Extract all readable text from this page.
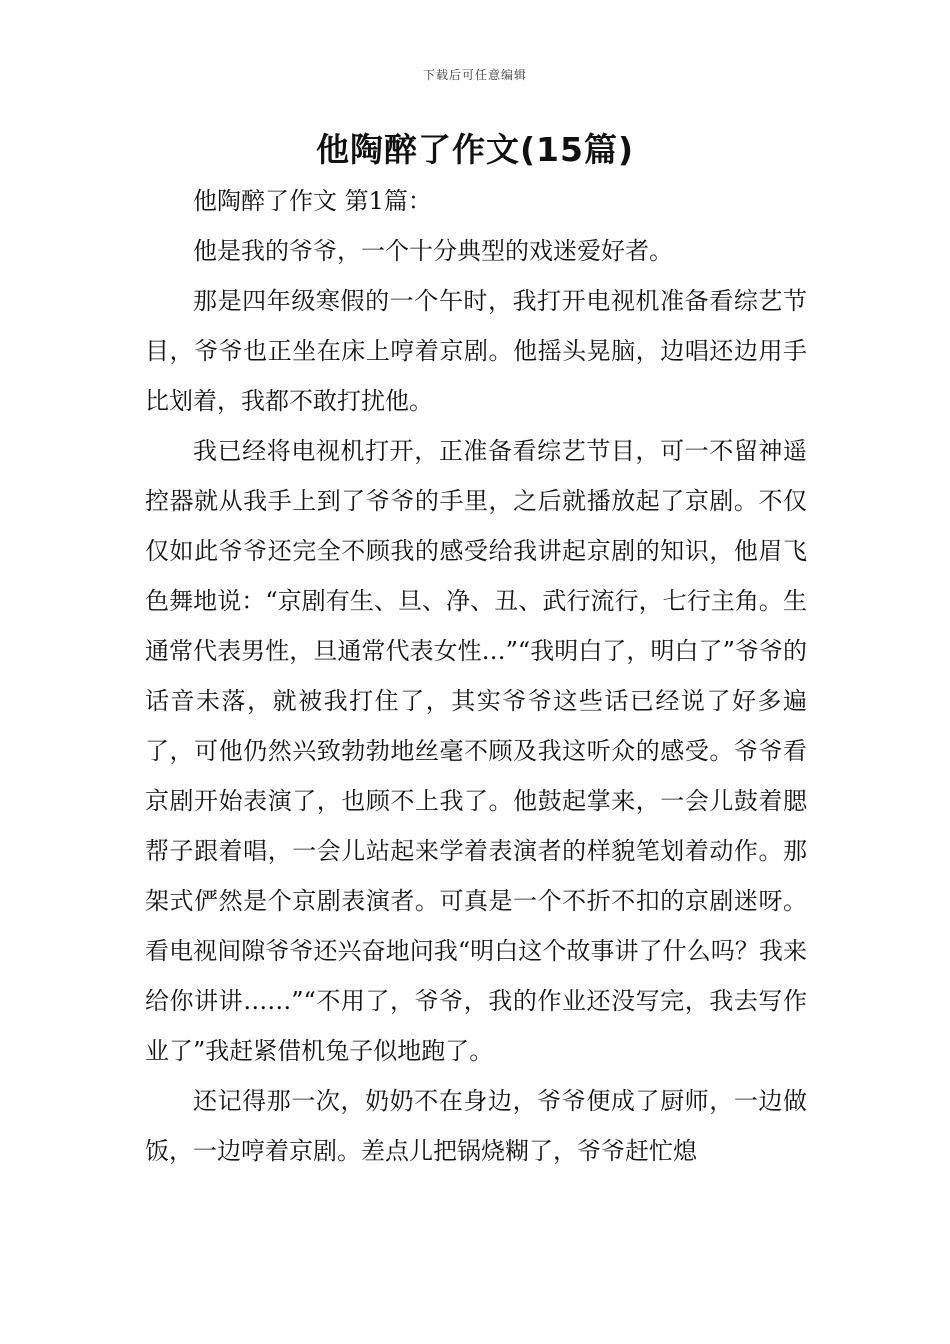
下载后可任意编辑
他陶醉了作文(15篇)

他陶醉了作文 第1篇：

他是我的爷爷，一个十分典型的戏迷爱好者。

那是四年级寒假的一个午时，我打开电视机准备看综艺节目，爷爷也正坐在床上哼着京剧。他摇头晃脑，边唱还边用手比划着，我都不敢打扰他。

我已经将电视机打开，正准备看综艺节目，可一不留神遥控器就从我手上到了爷爷的手里，之后就播放起了京剧。不仅仅如此爷爷还完全不顾我的感受给我讲起京剧的知识，他眉飞色舞地说：“京剧有生、旦、净、丑、武行流行，七行主角。生通常代表男性，旦通常代表女性…”“我明白了，明白了”爷爷的话音未落，就被我打住了，其实爷爷这些话已经说了好多遍了，可他仍然兴致勃勃地丝毫不顾及我这听众的感受。爷爷看京剧开始表演了，也顾不上我了。他鼓起掌来，一会儿鼓着腮帮子跟着唱，一会儿站起来学着表演者的样貌笔划着动作。那架式俨然是个京剧表演者。可真是一个不折不扣的京剧迷呀。看电视间隙爷爷还兴奋地问我“明白这个故事讲了什么吗？我来给你讲讲……”“不用了，爷爷，我的作业还没写完，我去写作业了”我赶紧借机兔子似地跑了。

还记得那一次，奶奶不在身边，爷爷便成了厨师，一边做饭，一边哼着京剧。差点儿把锅烧糊了，爷爷赶忙熄
